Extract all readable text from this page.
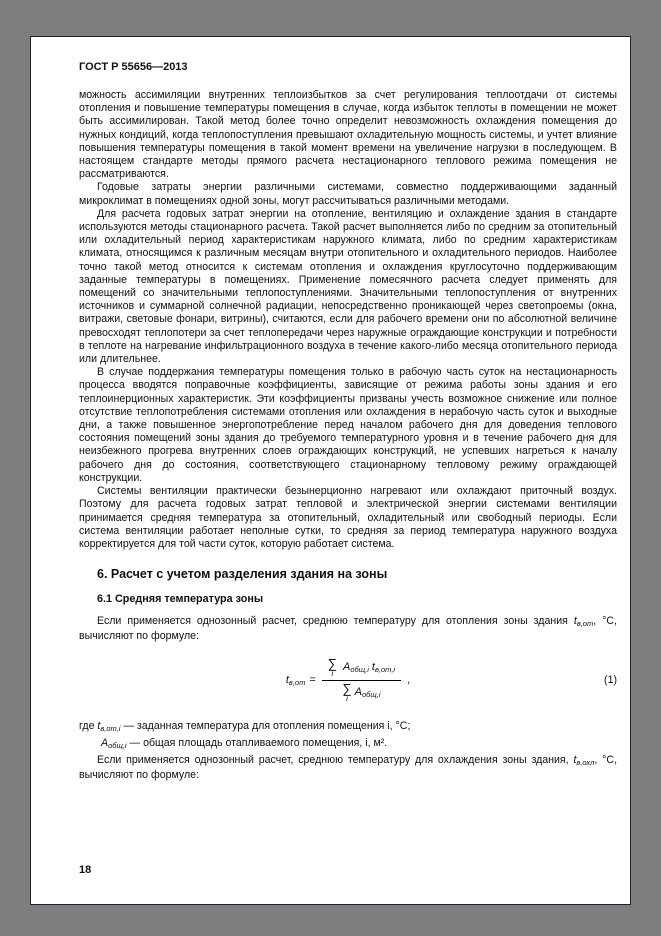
ГОСТ Р 55656—2013

можность ассимиляции внутренних теплоизбытков за счет регулирования теплоотдачи от системы отопления и повышение температуры помещения в случае, когда избыток теплоты в помещении не может быть ассимилирован. Такой метод более точно определит невозможность охлаждения помещения до нужных кондиций, когда теплопоступления превышают охладительную мощность системы, и учтет влияние повышения температуры помещения в такой момент времени на увеличение нагрузки в последующем. В настоящем стандарте методы прямого расчета нестационарного теплового режима помещения не рассматриваются.

Годовые затраты энергии различными системами, совместно поддерживающими заданный микроклимат в помещениях одной зоны, могут рассчитываться различными методами.

Для расчета годовых затрат энергии на отопление, вентиляцию и охлаждение здания в стандарте используются методы стационарного расчета. Такой расчет выполняется либо по средним за отопительный или охладительный период характеристикам наружного климата, либо по средним характеристикам климата, относящимся к различным месяцам внутри отопительного и охладительного периодов. Наиболее точно такой метод относится к системам отопления и охлаждения круглосуточно поддерживающим заданные температуры в помещениях. Применение помесячного расчета следует применять для помещений со значительными теплопоступлениями. Значительными теплопоступления от внутренних источников и суммарной солнечной радиации, непосредственно проникающей через светопроемы (окна, витражи, световые фонари, витрины), считаются, если для рабочего времени они по абсолютной величине превосходят теплопотери за счет теплопередачи через наружные ограждающие конструкции и потребности в теплоте на нагревание инфильтрационного воздуха в течение какого-либо месяца отопительного периода или длительнее.

В случае поддержания температуры помещения только в рабочую часть суток на нестационарность процесса вводятся поправочные коэффициенты, зависящие от режима работы зоны здания и его теплоинерционных характеристик. Эти коэффициенты призваны учесть возможное снижение или полное отсутствие теплопотребления системами отопления или охлаждения в нерабочую часть суток и выходные дни, а также повышенное энергопотребление перед началом рабочего дня для доведения теплового состояния помещений зоны здания до требуемого температурного уровня и в течение рабочего дня для неизбежного прогрева внутренних слоев ограждающих конструкций, не успевших нагреться к началу рабочего дня до состояния, соответствующего стационарному тепловому режиму ограждающей конструкции.

Системы вентиляции практически безынерционно нагревают или охлаждают приточный воздух. Поэтому для расчета годовых затрат тепловой и электрической энергии системами вентиляции принимается средняя температура за отопительный, охладительный или свободный периоды. Если система вентиляции работает неполные сутки, то средняя за период температура наружного воздуха корректируется для той части суток, которую работает система.

6. Расчет с учетом разделения здания на зоны
6.1 Средняя температура зоны

Если применяется однозонный расчет, среднюю температуру для отопления зоны здания $t_{в,от}$, °С, вычисляют по формуле:

$t_{в,от}$ = ∑
i $A_{общ,i}$ $t_{в,от,i}$
∑
i $A_{общ,i}$ ,	(1)
где $t_{в,от,i}$ — заданная температура для отопления помещения i, °С;
$A_{общ,i}$ — общая площадь отапливаемого помещения, i, м².

Если применяется однозонный расчет, среднюю температуру для охлаждения зоны здания, $t_{в,охл}$, °С, вычисляют по формуле:

18
